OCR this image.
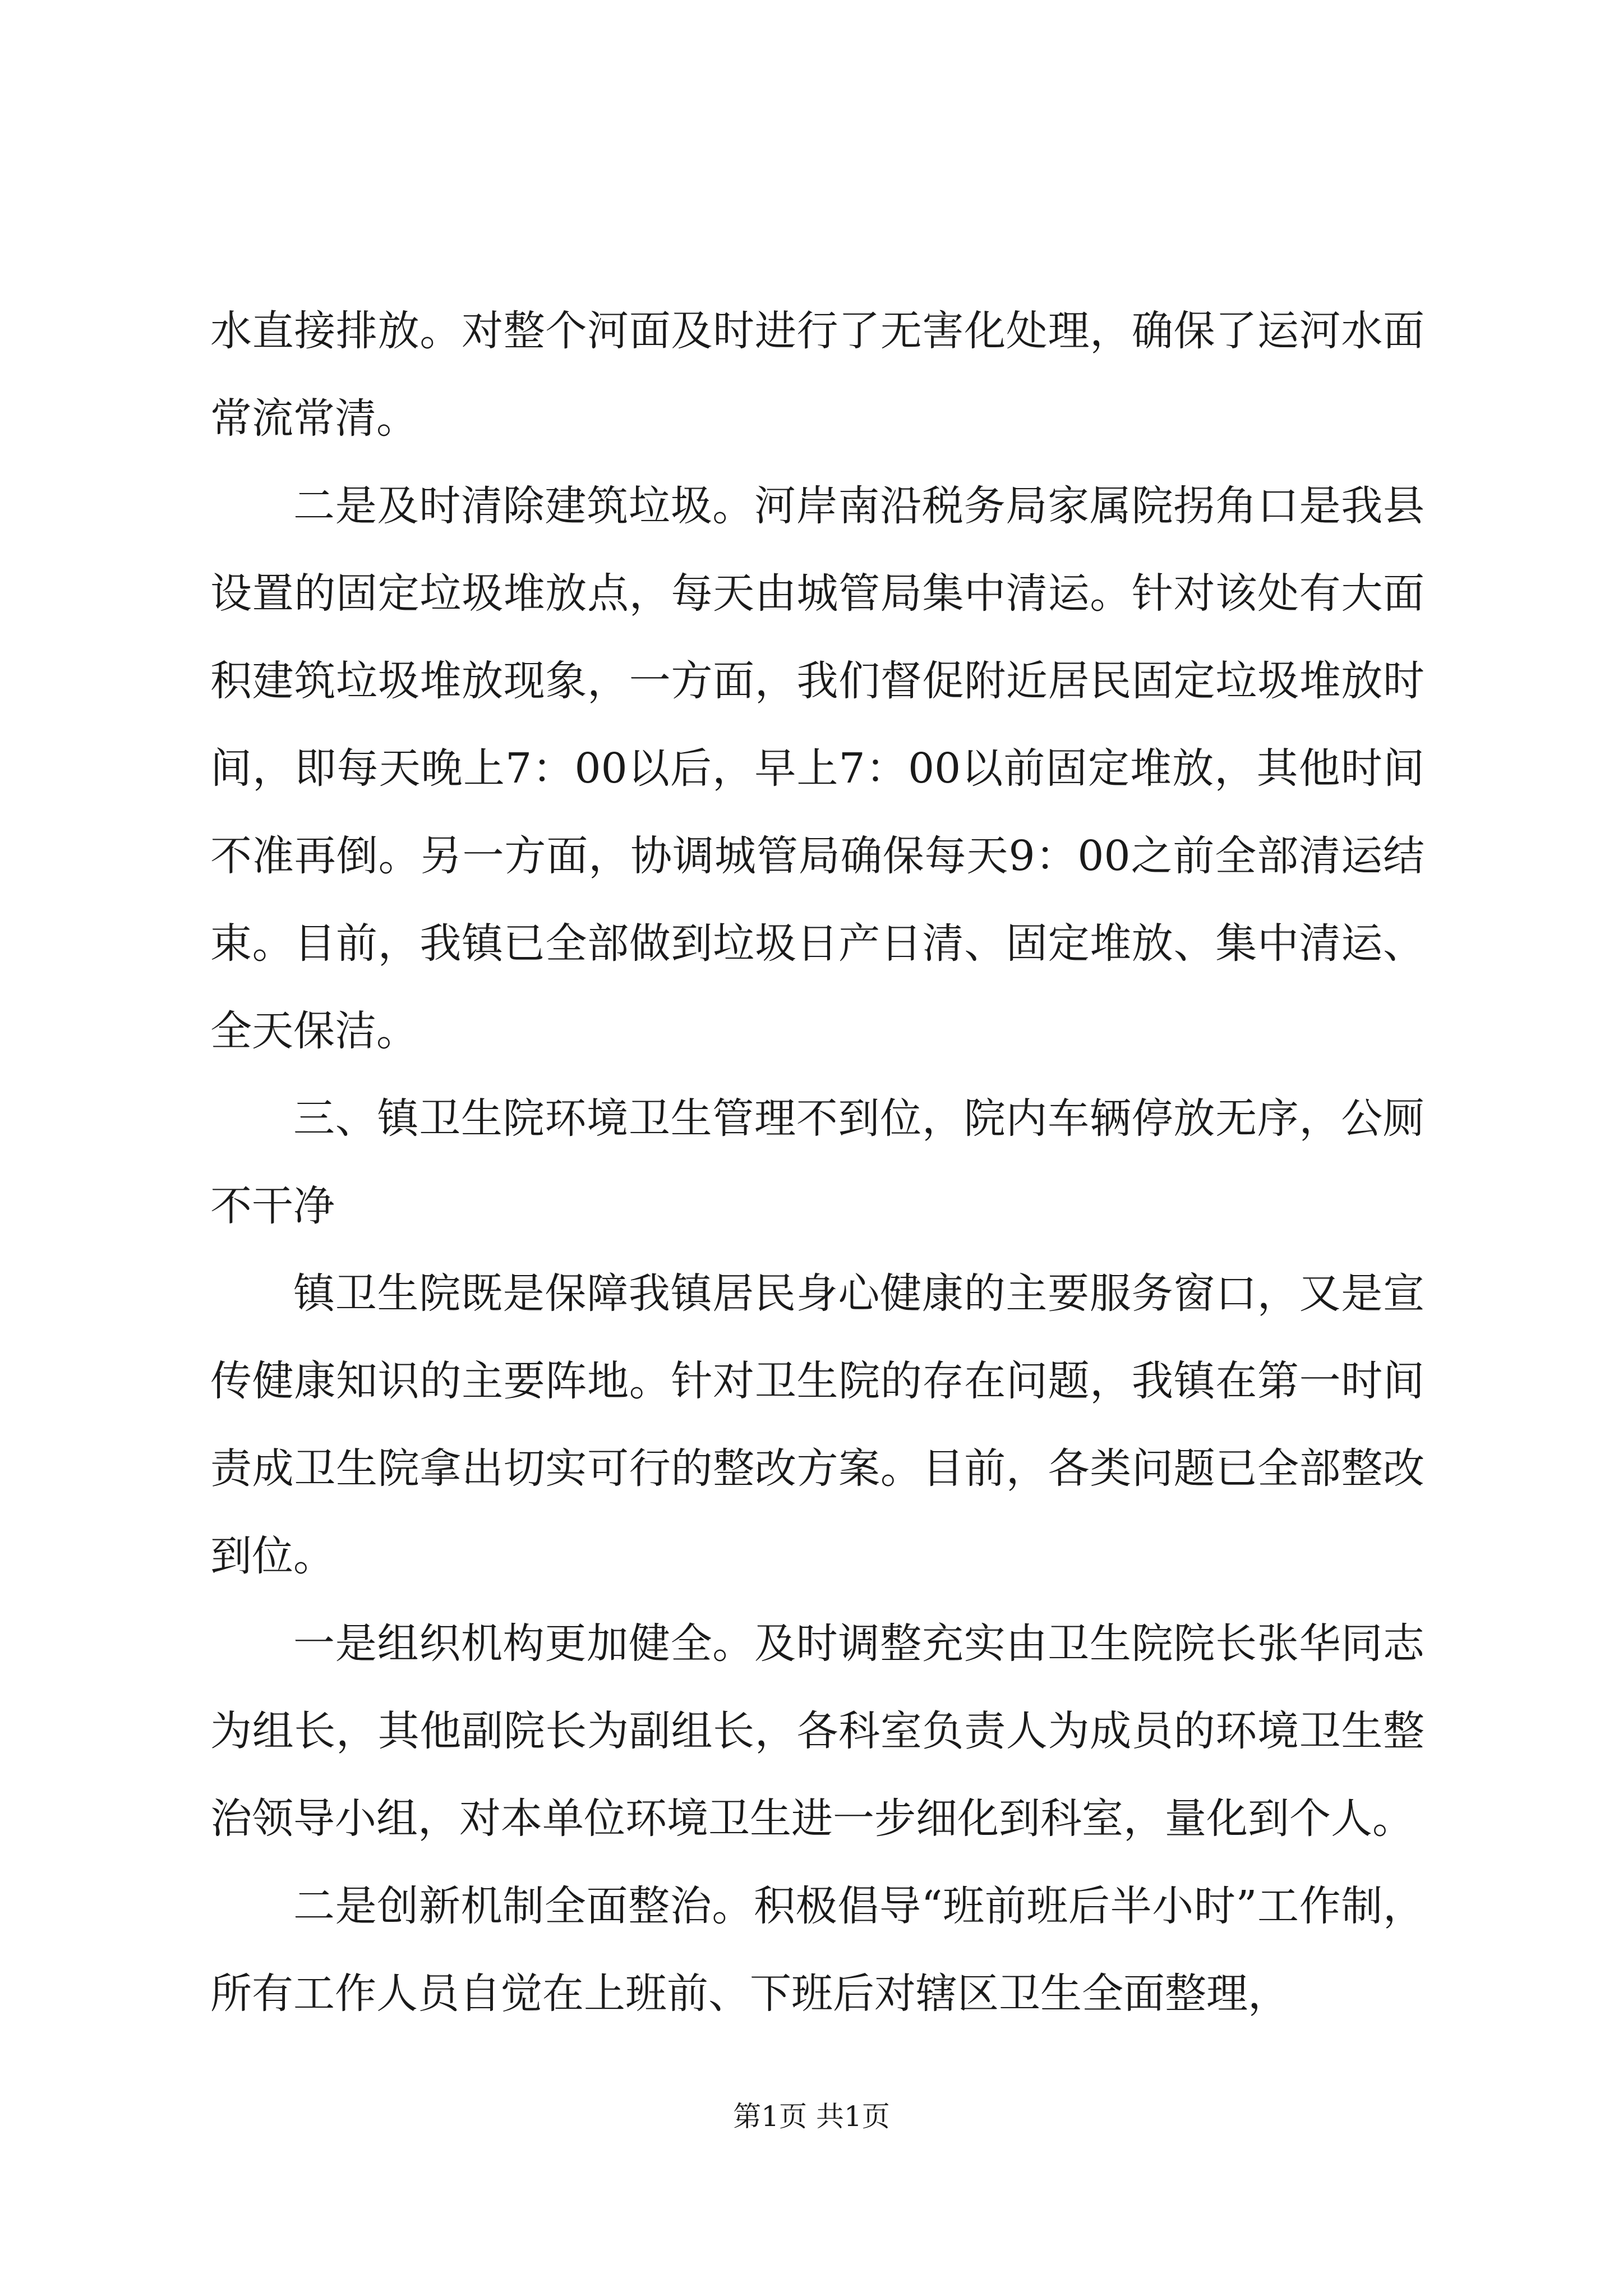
水直接排放。对整个河面及时进行了无害化处理，确保了运河水面常流常清。

二是及时清除建筑垃圾。河岸南沿税务局家属院拐角口是我县设置的固定垃圾堆放点，每天由城管局集中清运。针对该处有大面积建筑垃圾堆放现象，一方面，我们督促附近居民固定垃圾堆放时间，即每天晚上7：00以后，早上7：00以前固定堆放，其他时间不准再倒。另一方面，协调城管局确保每天9：00之前全部清运结束。目前，我镇已全部做到垃圾日产日清、固定堆放、集中清运、全天保洁。

三、镇卫生院环境卫生管理不到位，院内车辆停放无序，公厕不干净

镇卫生院既是保障我镇居民身心健康的主要服务窗口，又是宣传健康知识的主要阵地。针对卫生院的存在问题，我镇在第一时间责成卫生院拿出切实可行的整改方案。目前，各类问题已全部整改到位。

一是组织机构更加健全。及时调整充实由卫生院院长张华同志为组长，其他副院长为副组长，各科室负责人为成员的环境卫生整治领导小组，对本单位环境卫生进一步细化到科室，量化到个人。

二是创新机制全面整治。积极倡导“班前班后半小时”工作制，所有工作人员自觉在上班前、下班后对辖区卫生全面整理，

第1页 共1页
